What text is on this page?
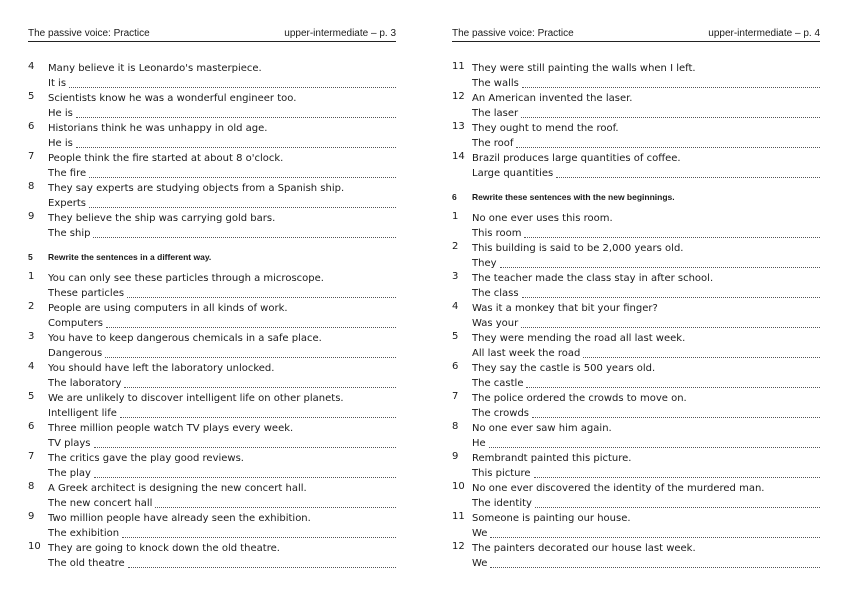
The passive voice: Practice	upper-intermediate – p. 3
4	Many believe it is Leonardo's masterpiece.
It is
5	Scientists know he was a wonderful engineer too.
He is
6	Historians think he was unhappy in old age.
He is
7	People think the fire started at about 8 o'clock.
The fire
8	They say experts are studying objects from a Spanish ship.
Experts
9	They believe the ship was carrying gold bars.
The ship
5	Rewrite the sentences in a different way.
1	You can only see these particles through a microscope.
These particles
2	People are using computers in all kinds of work.
Computers
3	You have to keep dangerous chemicals in a safe place.
Dangerous
4	You should have left the laboratory unlocked.
The laboratory
5	We are unlikely to discover intelligent life on other planets.
Intelligent life
6	Three million people watch TV plays every week.
TV plays
7	The critics gave the play good reviews.
The play
8	A Greek architect is designing the new concert hall.
The new concert hall
9	Two million people have already seen the exhibition.
The exhibition
10 They are going to knock down the old theatre.
The old theatre
The passive voice: Practice	upper-intermediate – p. 4
11 They were still painting the walls when I left.
The walls
12 An American invented the laser.
The laser
13 They ought to mend the roof.
The roof
14 Brazil produces large quantities of coffee.
Large quantities
6	Rewrite these sentences with the new beginnings.
1	No one ever uses this room.
This room
2	This building is said to be 2,000 years old.
They
3	The teacher made the class stay in after school.
The class
4	Was it a monkey that bit your finger?
Was your
5	They were mending the road all last week.
All last week the road
6	They say the castle is 500 years old.
The castle
7	The police ordered the crowds to move on.
The crowds
8	No one ever saw him again.
He
9	Rembrandt painted this picture.
This picture
10 No one ever discovered the identity of the murdered man.
The identity
11 Someone is painting our house.
We
12 The painters decorated our house last week.
We
